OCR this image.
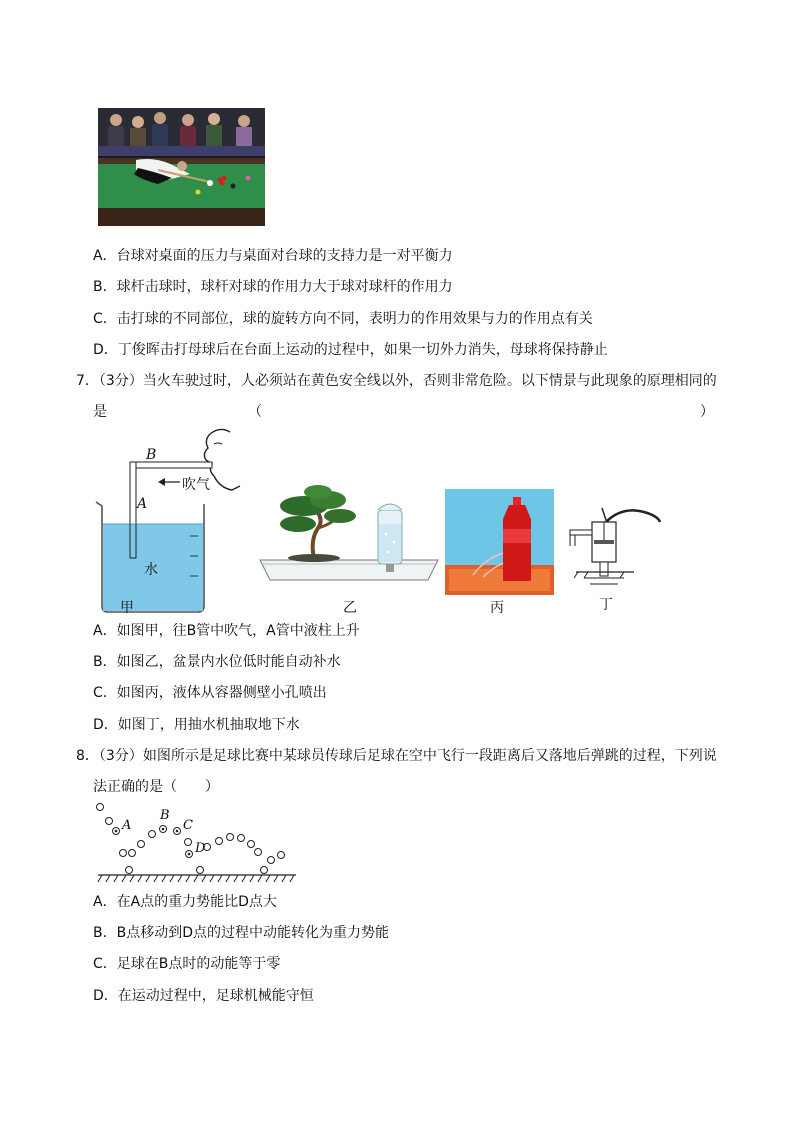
A．台球对桌面的压力与桌面对台球的支持力是一对平衡力
B．球杆击球时，球杆对球的作用力大于球对球杆的作用力
C．击打球的不同部位，球的旋转方向不同，表明力的作用效果与力的作用点有关
D．丁俊晖击打母球后在台面上运动的过程中，如果一切外力消失，母球将保持静止
7．（3分）当火车驶过时，人必须站在黄色安全线以外，否则非常危险。以下情景与此现象的原理相同的
是	（	）
B
A
吹气
水
甲	乙	丙	丁
A．如图甲，往B管中吹气，A管中液柱上升
B．如图乙，盆景内水位低时能自动补水
C．如图丙，液体从容器侧壁小孔喷出
D．如图丁，用抽水机抽取地下水
8．（3分）如图所示是足球比赛中某球员传球后足球在空中飞行一段距离后又落地后弹跳的过程，下列说
法正确的是（　　）
A
B
C
D
A．在A点的重力势能比D点大
B．B点移动到D点的过程中动能转化为重力势能
C．足球在B点时的动能等于零
D．在运动过程中，足球机械能守恒
